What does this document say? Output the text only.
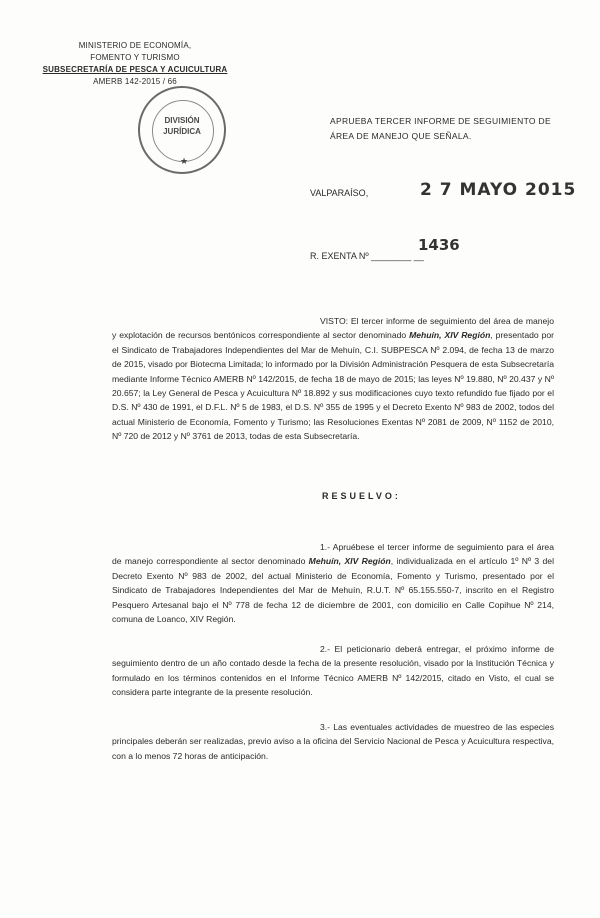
MINISTERIO DE ECONOMÍA,
FOMENTO Y TURISMO
SUBSECRETARÍA DE PESCA Y ACUICULTURA
AMERB 142-2015 / 66
DIVISIÓN
JURÍDICA
★
APRUEBA TERCER INFORME DE SEGUIMIENTO DE ÁREA DE MANEJO QUE SEÑALA.
VALPARAÍSO,	2 7 MAYO 2015
R. EXENTA Nº ________ __
1436

VISTO: El tercer informe de seguimiento del área de manejo y explotación de recursos bentónicos correspondiente al sector denominado Mehuín, XIV Región, presentado por el Sindicato de Trabajadores Independientes del Mar de Mehuín, C.I. SUBPESCA Nº 2.094, de fecha 13 de marzo de 2015, visado por Biotecma Limitada; lo informado por la División Administración Pesquera de esta Subsecretaría mediante Informe Técnico AMERB Nº 142/2015, de fecha 18 de mayo de 2015; las leyes Nº 19.880, Nº 20.437 y Nº 20.657; la Ley General de Pesca y Acuicultura Nº 18.892 y sus modificaciones cuyo texto refundido fue fijado por el D.S. Nº 430 de 1991, el D.F.L. Nº 5 de 1983, el D.S. Nº 355 de 1995 y el Decreto Exento Nº 983 de 2002, todos del actual Ministerio de Economía, Fomento y Turismo; las Resoluciones Exentas Nº 2081 de 2009, Nº 1152 de 2010, Nº 720 de 2012 y Nº 3761 de 2013, todas de esta Subsecretaría.

RESUELVO:

1.- Apruébese el tercer informe de seguimiento para el área de manejo correspondiente al sector denominado Mehuín, XIV Región, individualizada en el artículo 1º Nº 3 del Decreto Exento Nº 983 de 2002, del actual Ministerio de Economía, Fomento y Turismo, presentado por el Sindicato de Trabajadores Independientes del Mar de Mehuín, R.U.T. Nº 65.155.550-7, inscrito en el Registro Pesquero Artesanal bajo el Nº 778 de fecha 12 de diciembre de 2001, con domicilio en Calle Copihue Nº 214, comuna de Loanco, XIV Región.

2.- El peticionario deberá entregar, el próximo informe de seguimiento dentro de un año contado desde la fecha de la presente resolución, visado por la Institución Técnica y formulado en los términos contenidos en el Informe Técnico AMERB Nº 142/2015, citado en Visto, el cual se considera parte integrante de la presente resolución.

3.- Las eventuales actividades de muestreo de las especies principales deberán ser realizadas, previo aviso a la oficina del Servicio Nacional de Pesca y Acuicultura respectiva, con a lo menos 72 horas de anticipación.
